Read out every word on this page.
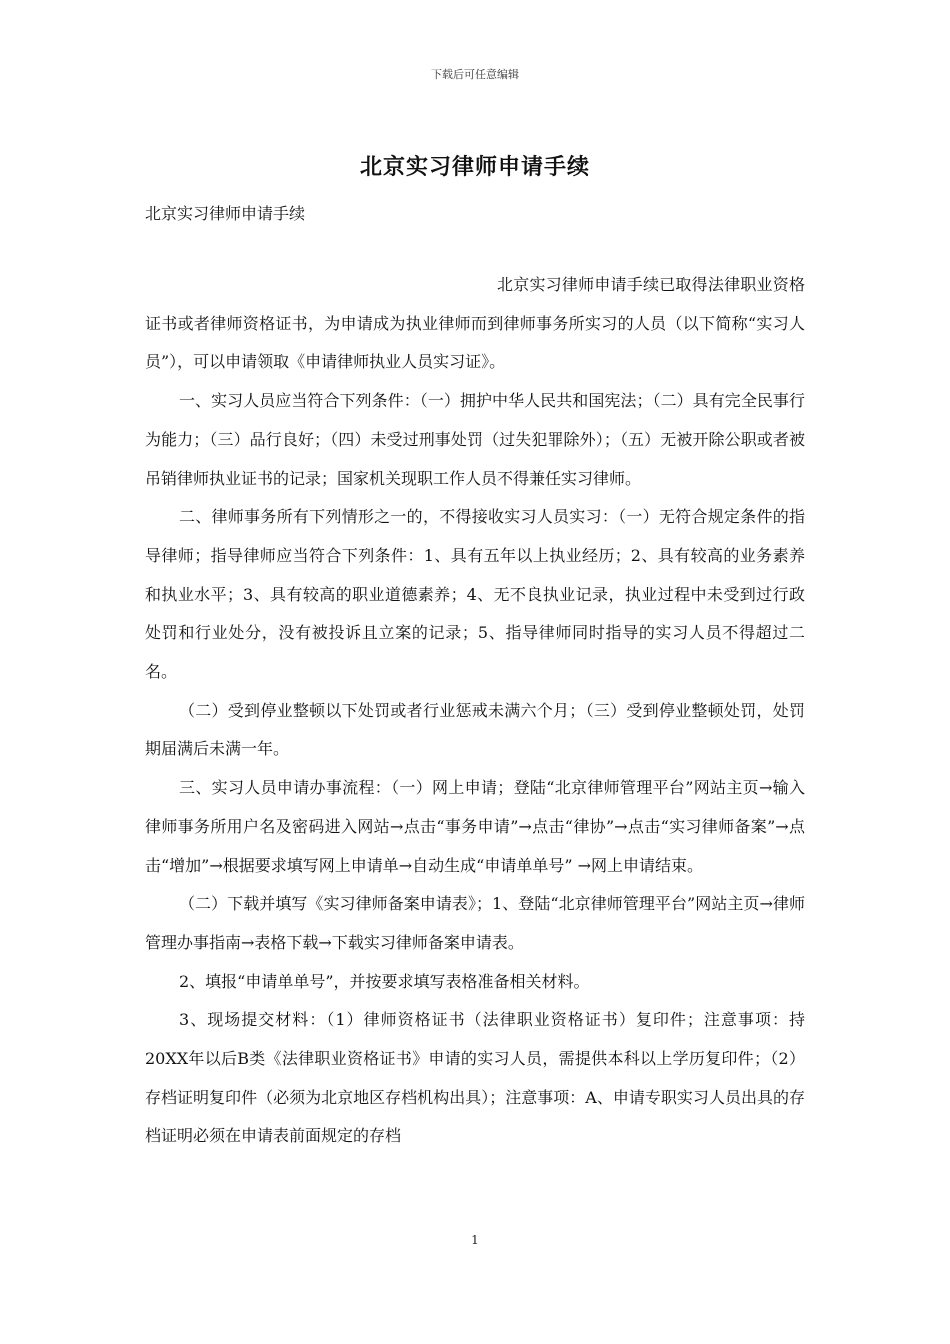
下载后可任意编辑
北京实习律师申请手续
北京实习律师申请手续

北京实习律师申请手续已取得法律职业资格证书或者律师资格证书，为申请成为执业律师而到律师事务所实习的人员（以下简称“实习人员”），可以申请领取《申请律师执业人员实习证》。

一、实习人员应当符合下列条件：（一）拥护中华人民共和国宪法；（二）具有完全民事行为能力；（三）品行良好；（四）未受过刑事处罚（过失犯罪除外）；（五）无被开除公职或者被吊销律师执业证书的记录；国家机关现职工作人员不得兼任实习律师。

二、律师事务所有下列情形之一的，不得接收实习人员实习：（一）无符合规定条件的指导律师；指导律师应当符合下列条件：1、具有五年以上执业经历；2、具有较高的业务素养和执业水平；3、具有较高的职业道德素养；4、无不良执业记录，执业过程中未受到过行政处罚和行业处分，没有被投诉且立案的记录；5、指导律师同时指导的实习人员不得超过二名。

（二）受到停业整顿以下处罚或者行业惩戒未满六个月；（三）受到停业整顿处罚，处罚期届满后未满一年。

三、实习人员申请办事流程：（一）网上申请；登陆“北京律师管理平台”网站主页→输入律师事务所用户名及密码进入网站→点击“事务申请”→点击“律协”→点击“实习律师备案”→点击“增加”→根据要求填写网上申请单→自动生成“申请单单号” →网上申请结束。

（二）下载并填写《实习律师备案申请表》；1、登陆“北京律师管理平台”网站主页→律师管理办事指南→表格下载→下载实习律师备案申请表。

2、填报“申请单单号”，并按要求填写表格准备相关材料。

3、现场提交材料：（1）律师资格证书（法律职业资格证书）复印件；注意事项：持20XX年以后B类《法律职业资格证书》申请的实习人员，需提供本科以上学历复印件；（2）存档证明复印件（必须为北京地区存档机构出具）；注意事项：A、申请专职实习人员出具的存档证明必须在申请表前面规定的存档

1
